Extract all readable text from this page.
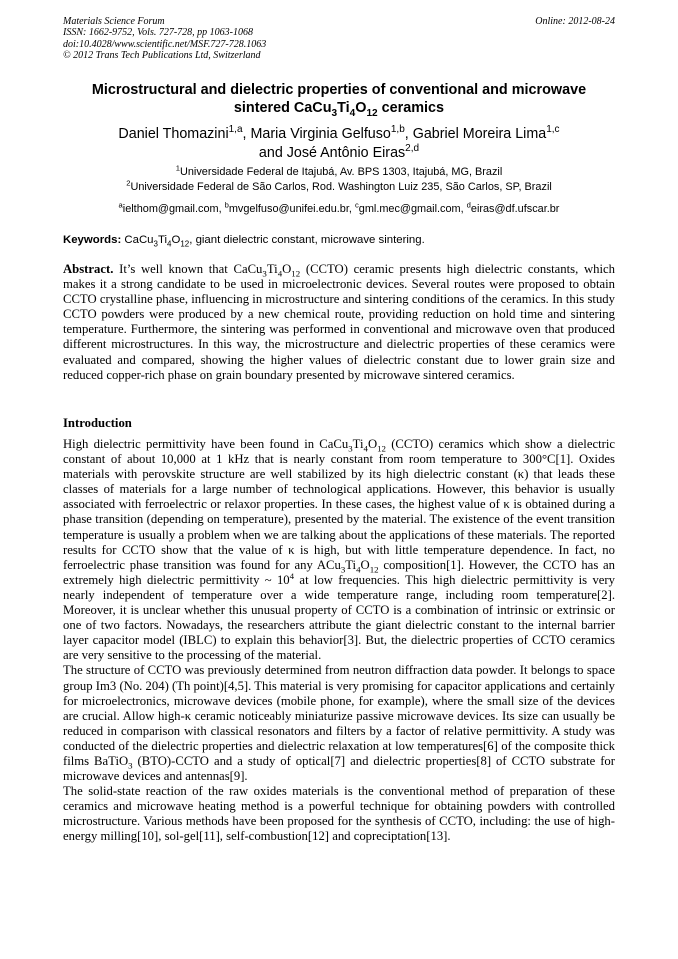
Materials Science Forum
ISSN: 1662-9752, Vols. 727-728, pp 1063-1068
doi:10.4028/www.scientific.net/MSF.727-728.1063
© 2012 Trans Tech Publications Ltd, Switzerland
Online: 2012-08-24
Microstructural and dielectric properties of conventional and microwave
sintered $CaCu_3Ti_4O_{12}$ ceramics
Daniel Thomazini$^{1,a}$, Maria Virginia Gelfuso$^{1,b}$, Gabriel Moreira Lima$^{1,c}$
and José Antônio Eiras$^{2,d}$
$^1$Universidade Federal de Itajubá, Av. BPS 1303, Itajubá, MG, Brazil
$^2$Universidade Federal de São Carlos, Rod. Washington Luiz 235, São Carlos, SP, Brazil
$^a$ielthom@gmail.com, $^b$mvgelfuso@unifei.edu.br, $^c$gml.mec@gmail.com, $^d$eiras@df.ufscar.br
Keywords: $CaCu_3Ti_4O_{12}$, giant dielectric constant, microwave sintering.

Abstract. It’s well known that $CaCu_3Ti_4O_{12}$ (CCTO) ceramic presents high dielectric constants, which makes it a strong candidate to be used in microelectronic devices. Several routes were proposed to obtain CCTO crystalline phase, influencing in microstructure and sintering conditions of the ceramics. In this study CCTO powders were produced by a new chemical route, providing reduction on hold time and sintering temperature. Furthermore, the sintering was performed in conventional and microwave oven that produced different microstructures. In this way, the microstructure and dielectric properties of these ceramics were evaluated and compared, showing the higher values of dielectric constant due to lower grain size and reduced copper-rich phase on grain boundary presented by microwave sintered ceramics.

Introduction

High dielectric permittivity have been found in $CaCu_3Ti_4O_{12}$ (CCTO) ceramics which show a dielectric constant of about 10,000 at 1 kHz that is nearly constant from room temperature to 300°C[1]. Oxides materials with perovskite structure are well stabilized by its high dielectric constant (κ) that leads these classes of materials for a large number of technological applications. However, this behavior is usually associated with ferroelectric or relaxor properties. In these cases, the highest value of κ is obtained during a phase transition (depending on temperature), presented by the material. The existence of the event transition temperature is usually a problem when we are talking about the applications of these materials. The reported results for CCTO show that the value of κ is high, but with little temperature dependence. In fact, no ferroelectric phase transition was found for any $ACu_3Ti_4O_{12}$ composition[1]. However, the CCTO has an extremely high dielectric permittivity ~ $10^4$ at low frequencies. This high dielectric permittivity is very nearly independent of temperature over a wide temperature range, including room temperature[2]. Moreover, it is unclear whether this unusual property of CCTO is a combination of intrinsic or extrinsic or one of two factors. Nowadays, the researchers attribute the giant dielectric constant to the internal barrier layer capacitor model (IBLC) to explain this behavior[3]. But, the dielectric properties of CCTO ceramics are very sensitive to the processing of the material.

The structure of CCTO was previously determined from neutron diffraction data powder. It belongs to space group Im3 (No. 204) (Th point)[4,5]. This material is very promising for capacitor applications and certainly for microelectronics, microwave devices (mobile phone, for example), where the small size of the devices are crucial. Allow high-κ ceramic noticeably miniaturize passive microwave devices. Its size can usually be reduced in comparison with classical resonators and filters by a factor of relative permittivity. A study was conducted of the dielectric properties and dielectric relaxation at low temperatures[6] of the composite thick films BaTiO$_3$ (BTO)-CCTO and a study of optical[7] and dielectric properties[8] of CCTO substrate for microwave devices and antennas[9].

The solid-state reaction of the raw oxides materials is the conventional method of preparation of these ceramics and microwave heating method is a powerful technique for obtaining powders with controlled microstructure. Various methods have been proposed for the synthesis of CCTO, including: the use of high-energy milling[10], sol-gel[11], self-combustion[12] and copreciptation[13].
